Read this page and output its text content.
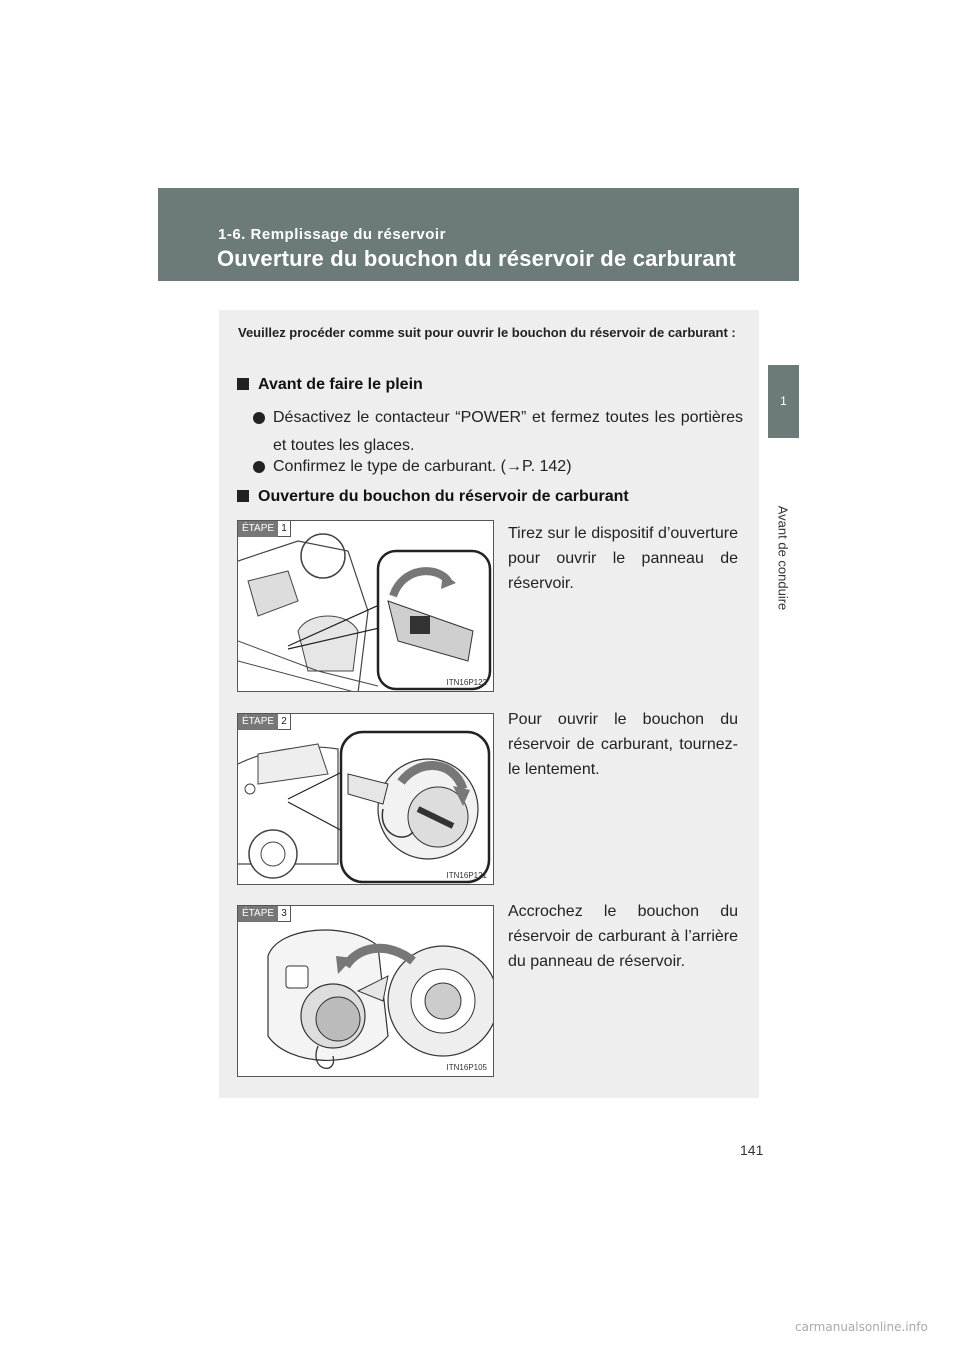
1-6. Remplissage du réservoir
Ouverture du bouchon du réservoir de carburant
1
Avant de conduire
Veuillez procéder comme suit pour ouvrir le bouchon du réservoir de carburant :
Avant de faire le plein
Désactivez le contacteur “POWER” et fermez toutes les portières et toutes les glaces.
Confirmez le type de carburant. (→P. 142)
Ouverture du bouchon du réservoir de carburant
ÉTAPE 1
ITN16P122
Tirez sur le dispositif d’ouverture pour ouvrir le panneau de réservoir.
ÉTAPE 2
ITN16P121
Pour ouvrir le bouchon du réservoir de carburant, tournez-le lentement.
ÉTAPE 3
ITN16P105
Accrochez le bouchon du réservoir de carburant à l’arrière du panneau de réservoir.
141
carmanualsonline.info
